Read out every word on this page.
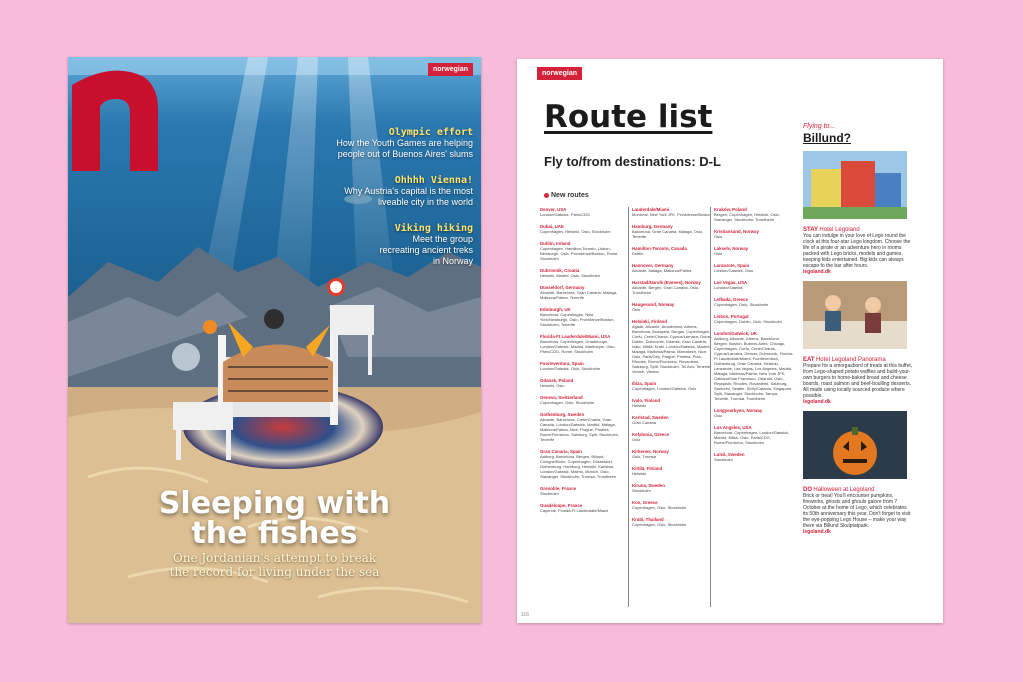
norwegian
Olympic effort
How the Youth Games are helping people out of Buenos Aires' slums
Ohhhh Vienna!
Why Austria's capital is the most liveable city in the world
Viking hiking
Meet the group recreating ancient treks in Norway
Sleeping with
the fishes
One Jordanian's attempt to break
the record for living under the sea
norwegian
Route list
Fly to/from destinations: D-L
New routes
Denver, USA
London/Gatwick, Paris/CDG
Dubai, UAE
Copenhagen, Helsinki, Oslo, Stockholm
Dublin, Ireland
Copenhagen, Hamilton-Toronto, Lisbon, Newburgh, Oslo, Providence/Boston, Rome, Stockholm
Dubrovnik, Croatia
Helsinki, Madrid, Oslo, Stockholm
Düsseldorf, Germany
Alicante, Barcelona, Gran Canaria, Malaga, Mallorca/Palma, Tenerife
Edinburgh, UK
Barcelona, Copenhagen, New York/Newburgh, Oslo, Providence/Boston, Stockholm, Tenerife
Florida-Ft Lauderdale/Miami, USA
Barcelona, Copenhagen, Guadeloupe, London/Gatwick, Madrid, Martinique, Oslo, Paris/CDG, Rome, Stockholm
Fuerteventura, Spain
London/Gatwick, Oslo, Stockholm
Gdansk, Poland
Helsinki, Oslo
Geneva, Switzerland
Copenhagen, Oslo, Stockholm
Gothenburg, Sweden
Alicante, Barcelona, Crete/Chania, Gran Canaria, London/Gatwick, Madrid, Malaga, Mallorca/Palma, Nice, Prague, Pristina, Rome/Fiumicino, Salzburg, Split, Stockholm, Tenerife
Gran Canaria, Spain
Aalborg, Barcelona, Bergen, Billund, Cologne/Bonn, Copenhagen, Düsseldorf, Gothenburg, Hamburg, Helsinki, Karlstad, London/Gatwick, Malmo, Munich, Oslo, Stavanger, Stockholm, Tromsø, Trondheim
Grenoble, France
Stockholm
Guadeloupe, France
Cayenne, Florida-Ft Lauderdale/Miami
Lauderdale/Miami
Montreal, New York JFK, Providence/Boston
Hamburg, Germany
Barcelona, Gran Canaria, Malaga, Oslo, Tenerife
Hamilton-Toronto, Canada
Dublin
Hannover, Germany
Alicante, Malaga, Mallorca/Palma
Harstad/Narvik (Evenes), Norway
Alicante, Bergen, Gran Canaria, Oslo, Trondheim
Haugesund, Norway
Oslo
Helsinki, Finland
Agadir, Alicante, Amsterdam, Athens, Barcelona, Budapest, Burgas, Copenhagen, Corfu, Crete/Chania, Cyprus/Larnaca, Dubai, Dublin, Dubrovnik, Gdansk, Gran Canaria, Ivalo, Kittilä, Krabi, London/Gatwick, Madrid, Malaga, Mallorca/Palma, Marrakech, Nice, Oslo, Paris/Orly, Prague, Pristina, Pula, Rhodes, Rome/Fiumicino, Rovaniemi, Salzburg, Split, Stockholm, Tel Aviv, Tenerife, Venice, Vienna
Ibiza, Spain
Copenhagen, London/Gatwick, Oslo
Ivalo, Finland
Helsinki
Karlstad, Sweden
Gran Canaria
Kefalonia, Greece
Oslo
Kirkenes, Norway
Oslo, Tromsø
Kittilä, Finland
Helsinki
Kiruna, Sweden
Stockholm
Kos, Greece
Copenhagen, Oslo, Stockholm
Krabi, Thailand
Copenhagen, Oslo, Stockholm
Kraków, Poland
Bergen, Copenhagen, Helsinki, Oslo, Stavanger, Stockholm, Trondheim
Kristiansand, Norway
Oslo
Lakselv, Norway
Oslo
Lanzarote, Spain
London/Gatwick, Oslo
Las Vegas, USA
London/Gatwick
Lefkada, Greece
Copenhagen, Oslo, Stockholm
Lisbon, Portugal
Copenhagen, Dublin, Oslo, Stockholm
London/Gatwick, UK
Aalborg, Alicante, Athens, Barcelona, Bergen, Boston, Buenos Aires, Chicago, Copenhagen, Corfu, Crete/Chania, Cyprus/Larnaca, Denver, Dubrovnik, Florida-Ft Lauderdale/Miami, Fuerteventura, Gothenburg, Gran Canaria, Helsinki, Lanzarote, Las Vegas, Los Angeles, Madrid, Malaga, Mallorca/Palma, New York JFK, Oakland/San Francisco, Orlando, Oslo, Reykjavik, Rhodes, Rovaniemi, Salzburg, Santorini, Seattle, Sicily/Catania, Singapore, Split, Stavanger, Stockholm, Tampa, Tenerife, Tromsø, Trondheim
Longyearbyen, Norway
Oslo
Los Angeles, USA
Barcelona, Copenhagen, London/Gatwick, Madrid, Milan, Oslo, Paris/CDG, Rome/Fiumicino, Stockholm
Luleå, Sweden
Stockholm
Flying to...
Billund?
STAY Hotel Legoland
You can indulge in your love of Lego round the clock at this four-star Lego kingdom. Choose the life of a pirate or an adventure hero in rooms packed with Lego bricks, models and games, keeping kids entertained. Big kids can always escape to the bar after hours.
legoland.dk
EAT Hotel Legoland Panorama
Prepare for a smorgasbord of treats at this buffet, from Lego-shaped potato waffles and build-your-own burgers to home-baked bread and cheese boards, roast salmon and beef-boulling desserts. All made using locally sourced produce where possible.
legoland.dk
DO Halloween at Legoland
Brick or treat! You'll encounter pumpkins, fireworks, ghosts and ghouls galore from 7 October at the home of Lego, which celebrates its 50th anniversary this year. Don't forget to visit the eye-popping Lego House – make your way there via Billund Skulptatpark.
legoland.dk
116
